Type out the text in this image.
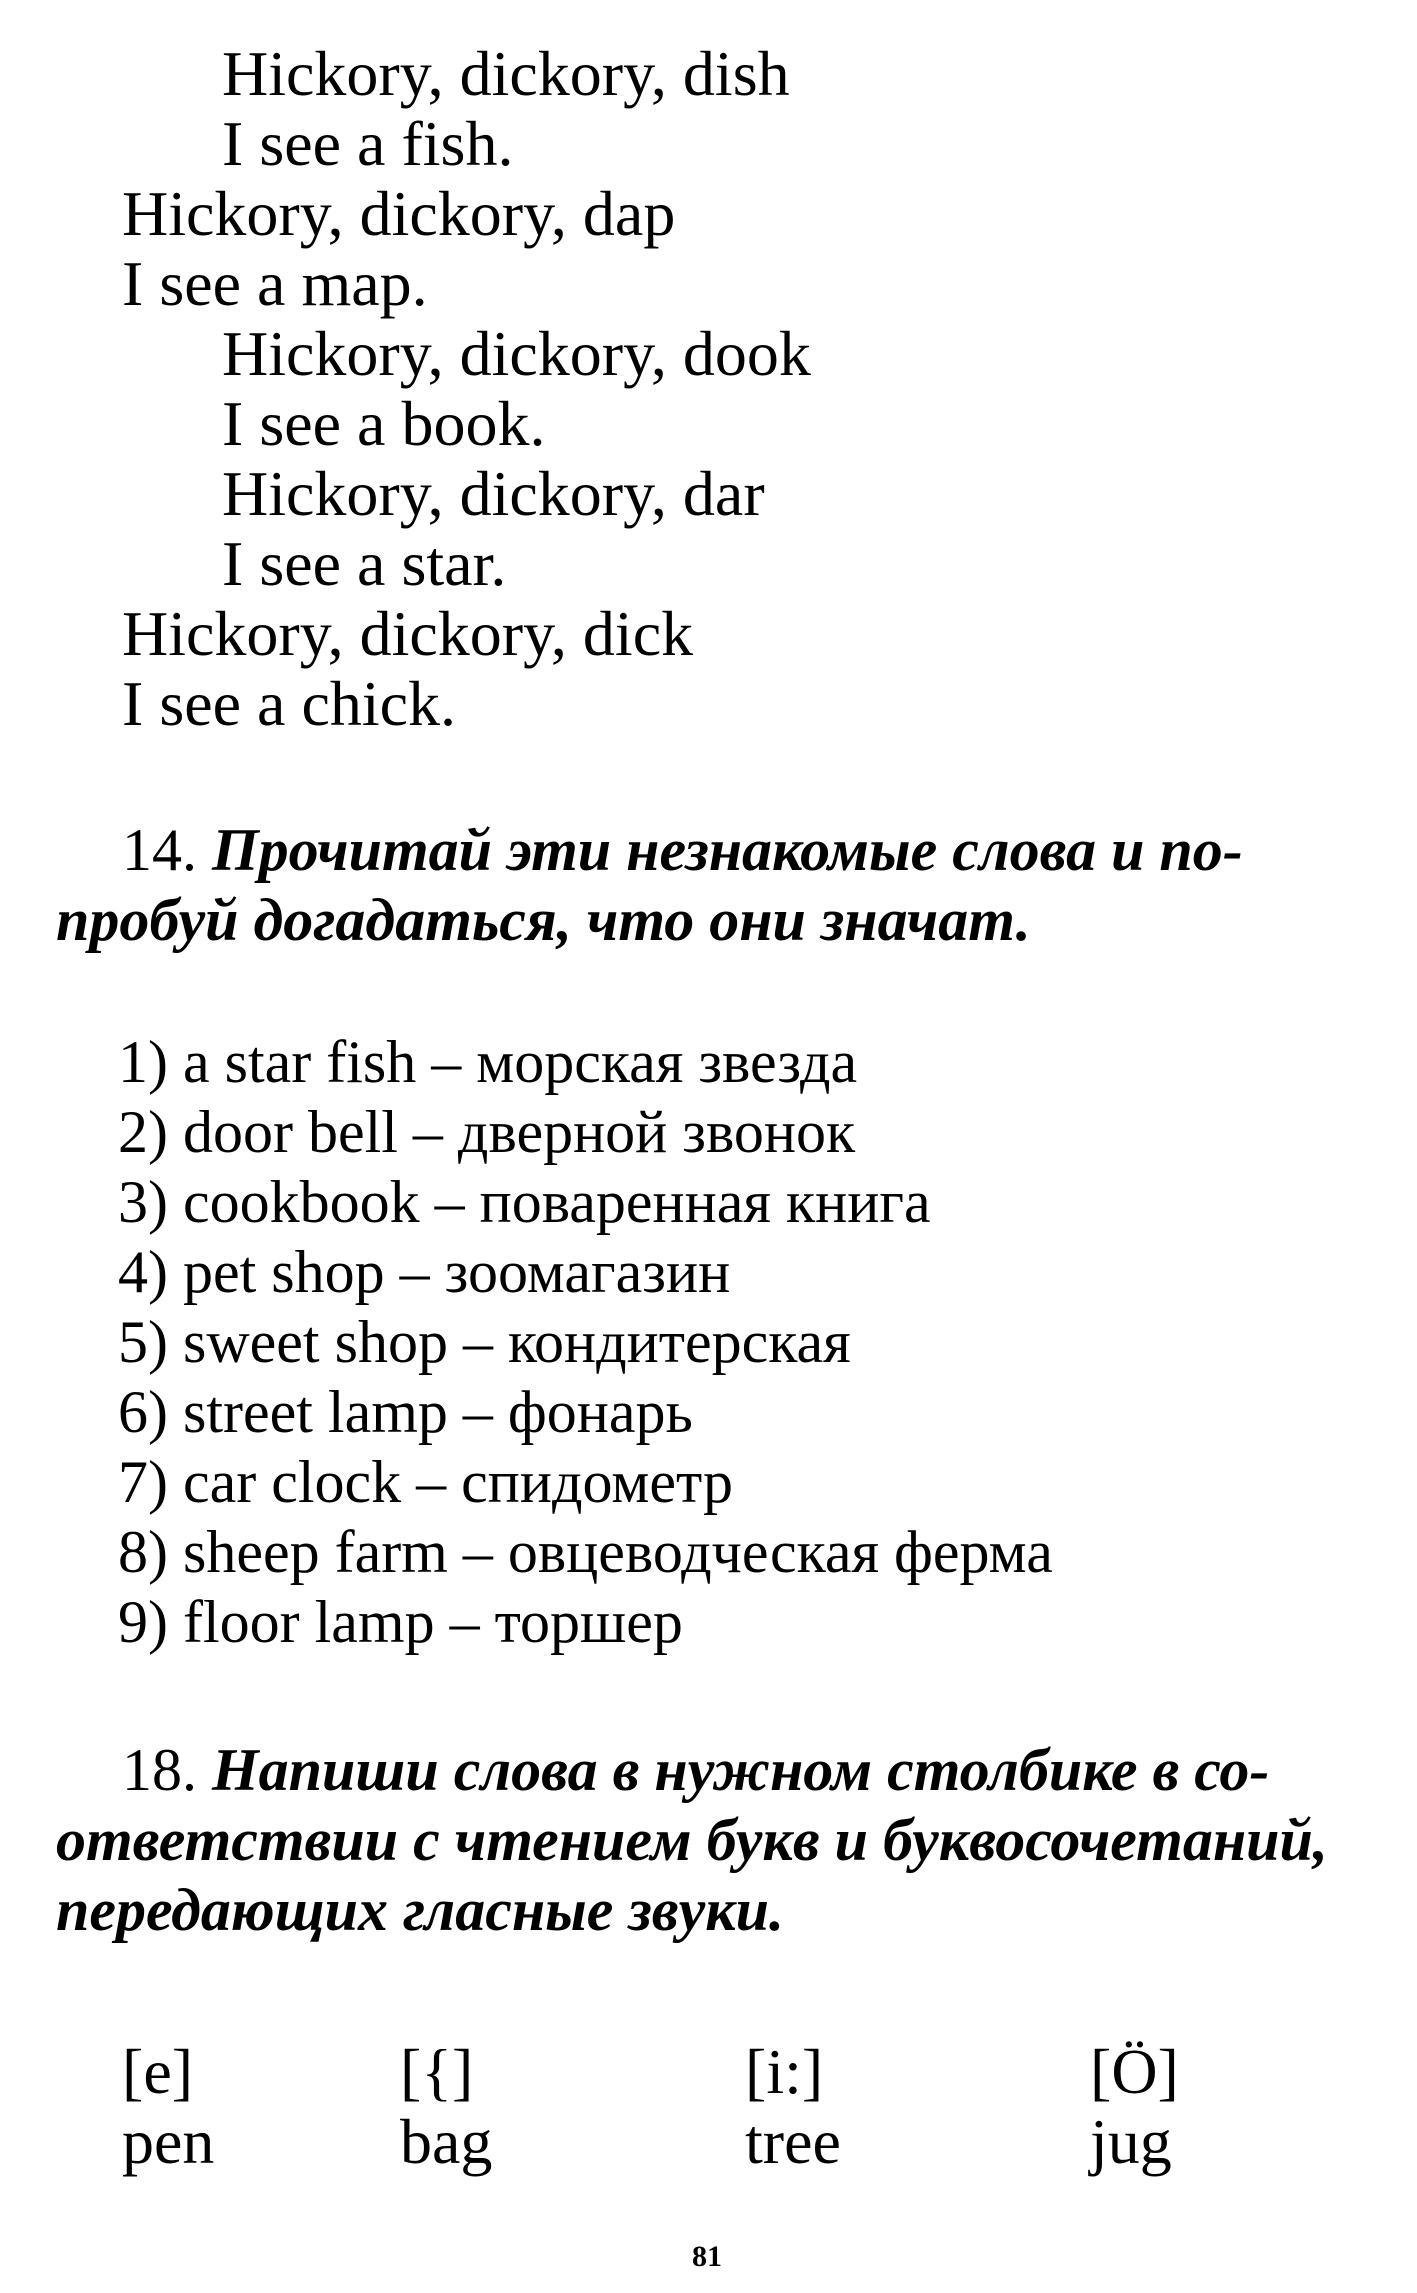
Hickory, dickory, dish
I see a fish.
Hickory, dickory, dap
I see a map.
Hickory, dickory, dook
I see a book.
Hickory, dickory, dar
I see a star.
Hickory, dickory, dick
I see a chick.
14. Прочитай эти незнакомые слова и по-
пробуй догадаться, что они значат.
1) a star fish – морская звезда
2) door bell – дверной звонок
3) cookbook – поваренная книга
4) pet shop – зоомагазин
5) sweet shop – кондитерская
6) street lamp – фонарь
7) car clock – спидометр
8) sheep farm – овцеводческая ферма
9) floor lamp – торшер
18. Напиши слова в нужном столбике в со-
ответствии с чтением букв и буквосочетаний,
передающих гласные звуки.
[e]
pen
[{]
bag
[i:]
tree
[Ö]
jug
81
